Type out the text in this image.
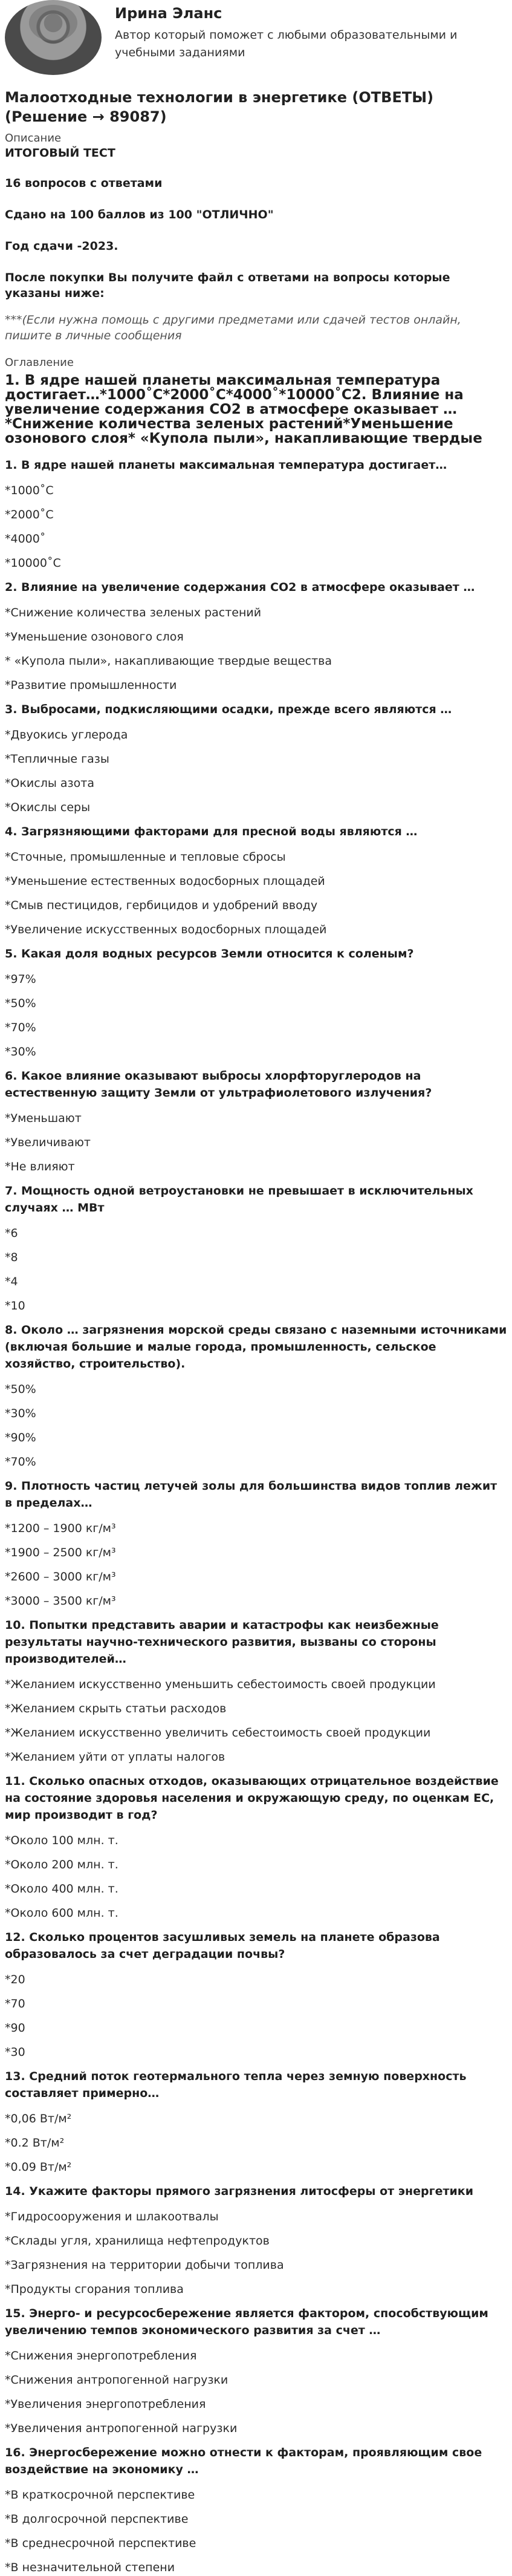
Ирина Эланс
Автор который поможет с любыми образовательными и учебными заданиями
Малоотходные технологии в энергетике (ОТВЕТЫ) (Решение → 89087)
Описание
ИТОГОВЫЙ ТЕСТ
16 вопросов с ответами
Сдано на 100 баллов из 100 "ОТЛИЧНО"
Год сдачи -2023.
После покупки Вы получите файл с ответами на вопросы которые указаны ниже:
***(Если нужна помощь с другими предметами или сдачей тестов онлайн, пишите в личные сообщения
Оглавление
1. В ядре нашей планеты максимальная температура достигает…*1000˚С*2000˚С*4000˚*10000˚С2. Влияние на увеличение содержания СО2 в атмосфере оказывает …*Снижение количества зеленых растений*Уменьшение озонового слоя* «Купола пыли», накапливающие твердые
1. В ядре нашей планеты максимальная температура достигает…
*1000˚С
*2000˚С
*4000˚
*10000˚С
2. Влияние на увеличение содержания СО2 в атмосфере оказывает …
*Снижение количества зеленых растений
*Уменьшение озонового слоя
* «Купола пыли», накапливающие твердые вещества
*Развитие промышленности
3. Выбросами, подкисляющими осадки, прежде всего являются …
*Двуокись углерода
*Тепличные газы
*Окислы азота
*Окислы серы
4. Загрязняющими факторами для пресной воды являются …
*Сточные, промышленные и тепловые сбросы
*Уменьшение естественных водосборных площадей
*Смыв пестицидов, гербицидов и удобрений вводу
*Увеличение искусственных водосборных площадей
5. Какая доля водных ресурсов Земли относится к соленым?
*97%
*50%
*70%
*30%
6. Какое влияние оказывают выбросы хлорфторуглеродов на естественную защиту Земли от ультрафиолетового излучения?
*Уменьшают
*Увеличивают
*Не влияют
7. Мощность одной ветроустановки не превышает в исключительных случаях … МВт
*6
*8
*4
*10
8. Около … загрязнения морской среды связано с наземными источниками (включая большие и малые города, промышленность, сельское хозяйство, строительство).
*50%
*30%
*90%
*70%
9. Плотность частиц летучей золы для большинства видов топлив лежит в пределах…
*1200 – 1900 кг/м³
*1900 – 2500 кг/м³
*2600 – 3000 кг/м³
*3000 – 3500 кг/м³
10. Попытки представить аварии и катастрофы как неизбежные результаты научно-технического развития, вызваны со стороны производителей…
*Желанием искусственно уменьшить себестоимость своей продукции
*Желанием скрыть статьи расходов
*Желанием искусственно увеличить себестоимость своей продукции
*Желанием уйти от уплаты налогов
11. Сколько опасных отходов, оказывающих отрицательное воздействие на состояние здоровья населения и окружающую среду, по оценкам ЕС, мир производит в год?
*Около 100 млн. т.
*Около 200 млн. т.
*Около 400 млн. т.
*Около 600 млн. т.
12. Сколько процентов засушливых земель на планете образова образовалось за счет деградации почвы?
*20
*70
*90
*30
13. Средний поток геотермального тепла через земную поверхность составляет примерно…
*0,06 Вт/м²
*0.2 Вт/м²
*0.09 Вт/м²
14. Укажите факторы прямого загрязнения литосферы от энергетики
*Гидросооружения и шлакоотвалы
*Склады угля, хранилища нефтепродуктов
*Загрязнения на территории добычи топлива
*Продукты сгорания топлива
15. Энерго- и ресурсосбережение является фактором, способствующим увеличению темпов экономического развития за счет …
*Снижения энергопотребления
*Снижения антропогенной нагрузки
*Увеличения энергопотребления
*Увеличения антропогенной нагрузки
16. Энергосбережение можно отнести к факторам, проявляющим свое воздействие на экономику …
*В краткосрочной перспективе
*В долгосрочной перспективе
*В среднесрочной перспективе
*В незначительной степени
